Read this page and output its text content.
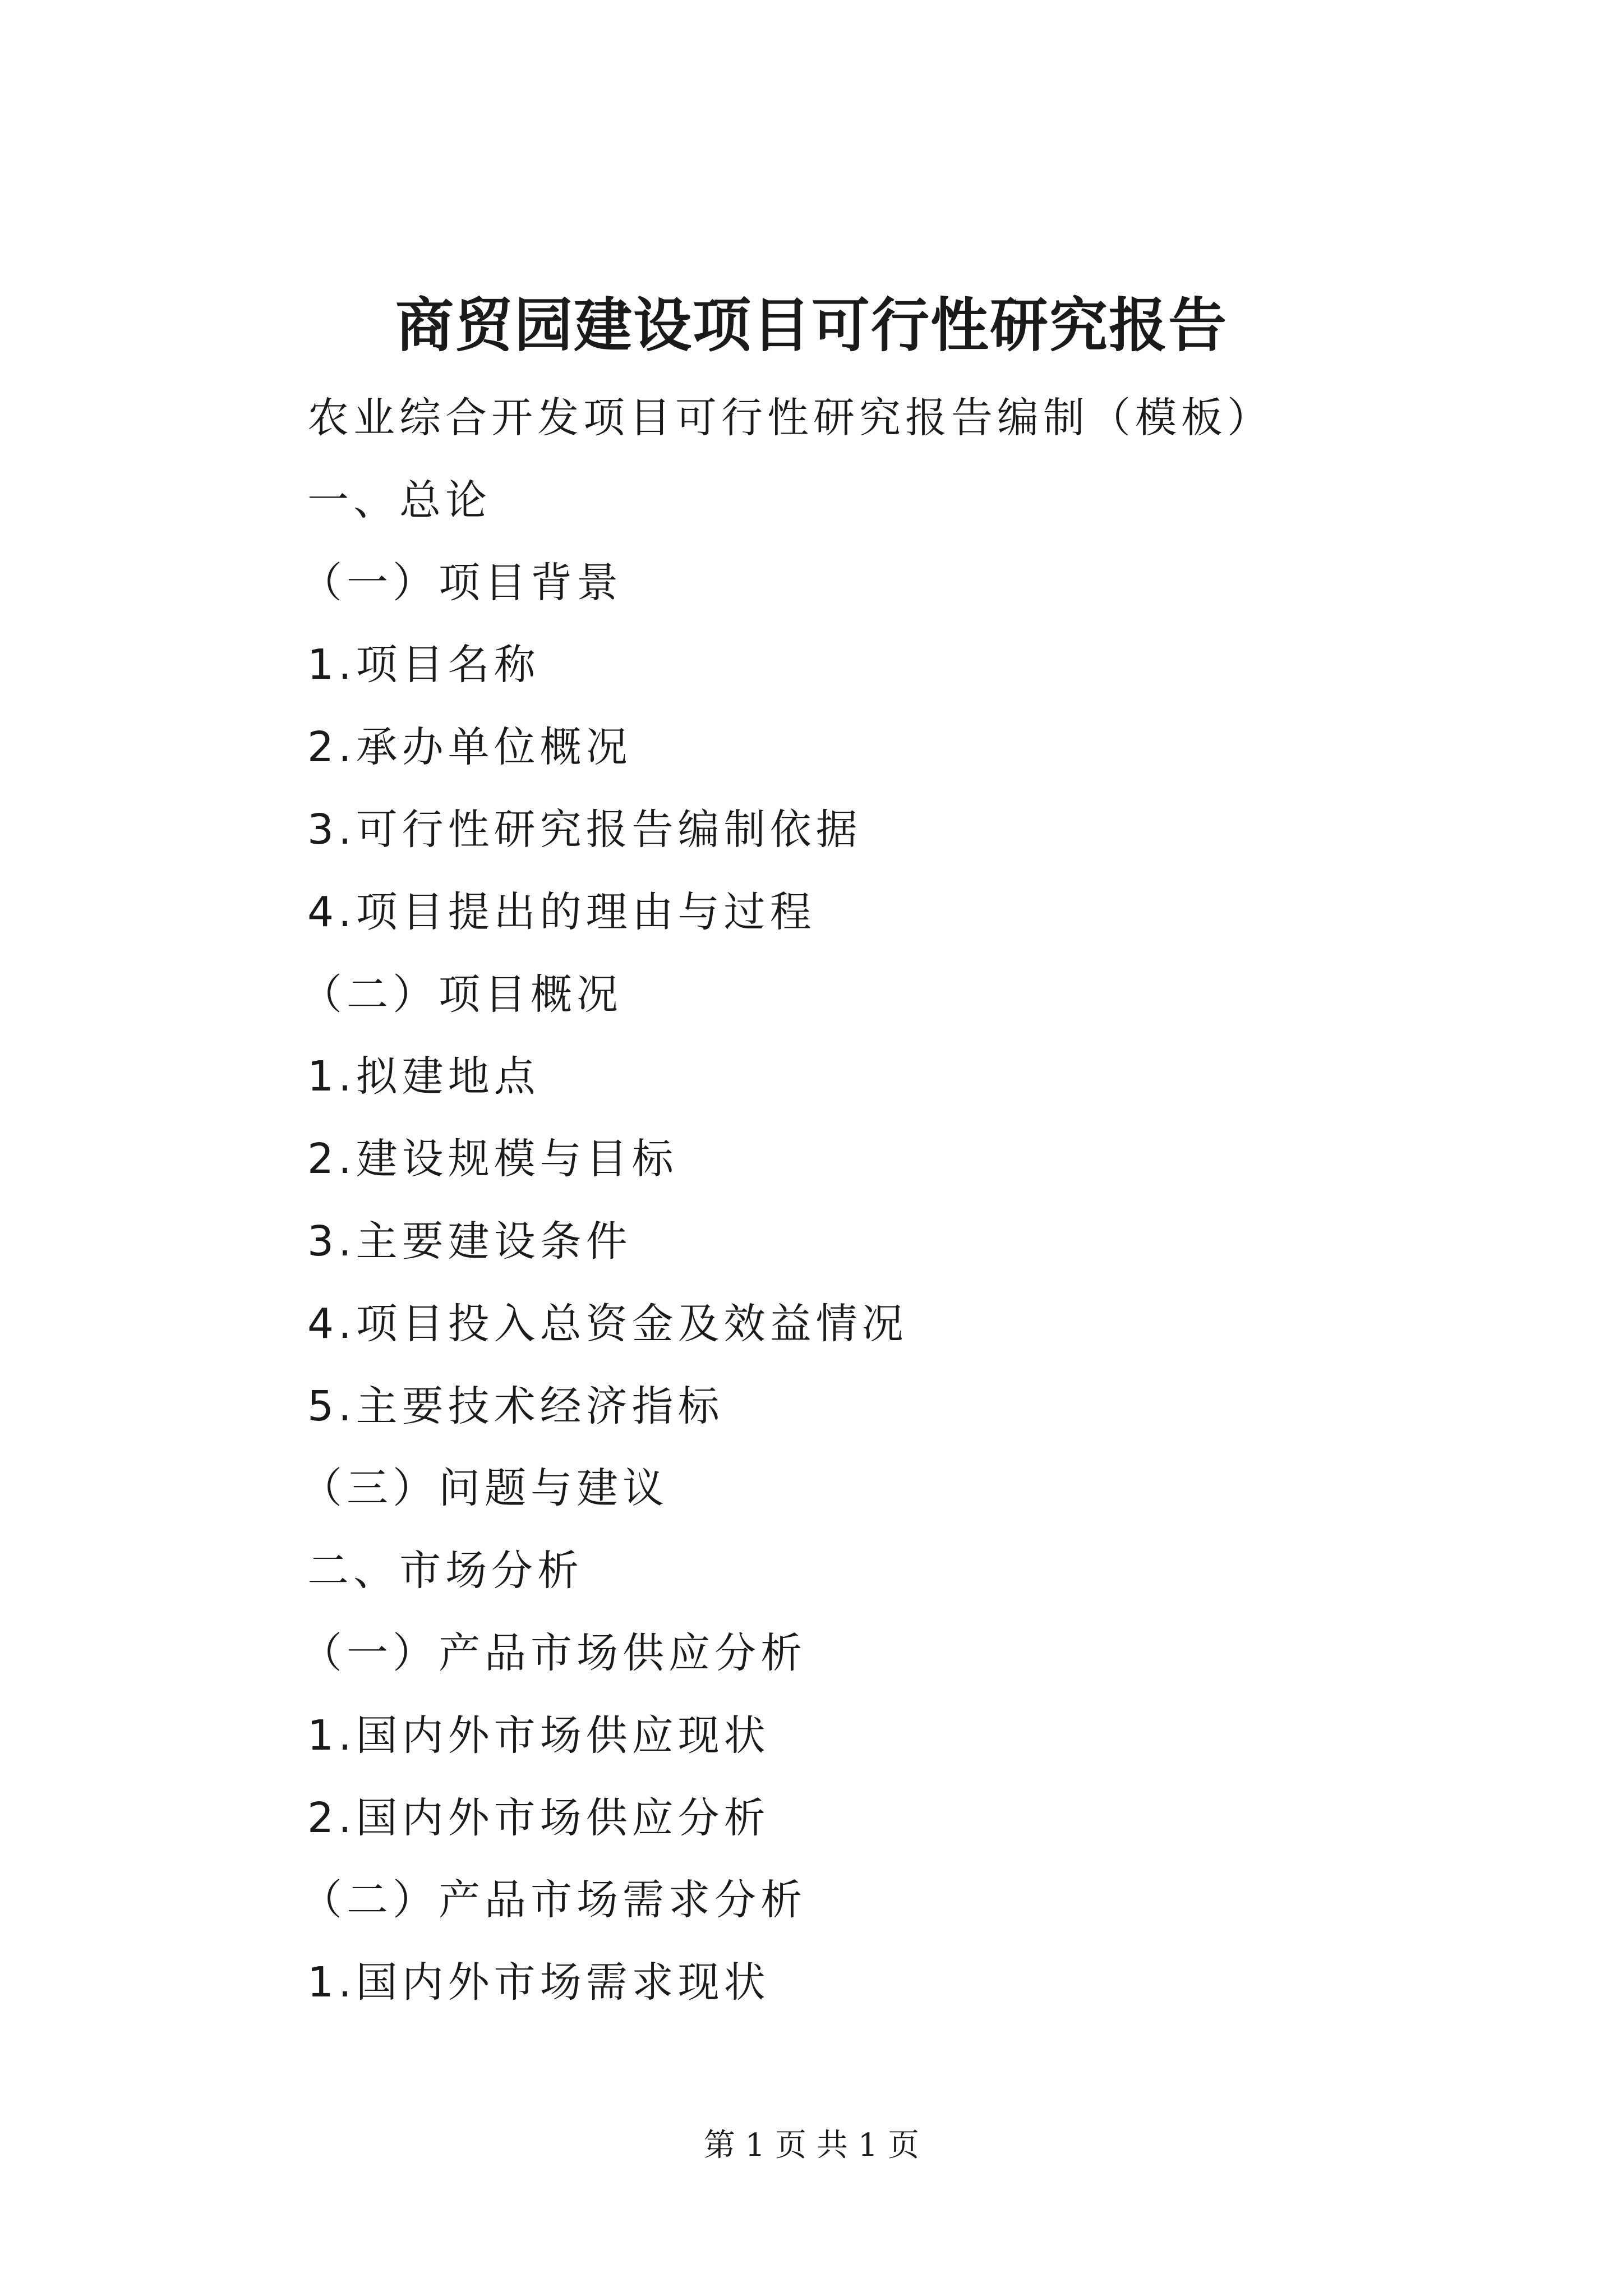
商贸园建设项目可行性研究报告
农业综合开发项目可行性研究报告编制（模板）
一、总论
（一）项目背景
1.项目名称
2.承办单位概况
3.可行性研究报告编制依据
4.项目提出的理由与过程
（二）项目概况
1.拟建地点
2.建设规模与目标
3.主要建设条件
4.项目投入总资金及效益情况
5.主要技术经济指标
（三）问题与建议
二、市场分析
（一）产品市场供应分析
1.国内外市场供应现状
2.国内外市场供应分析
（二）产品市场需求分析
1.国内外市场需求现状
第 1 页 共 1 页
